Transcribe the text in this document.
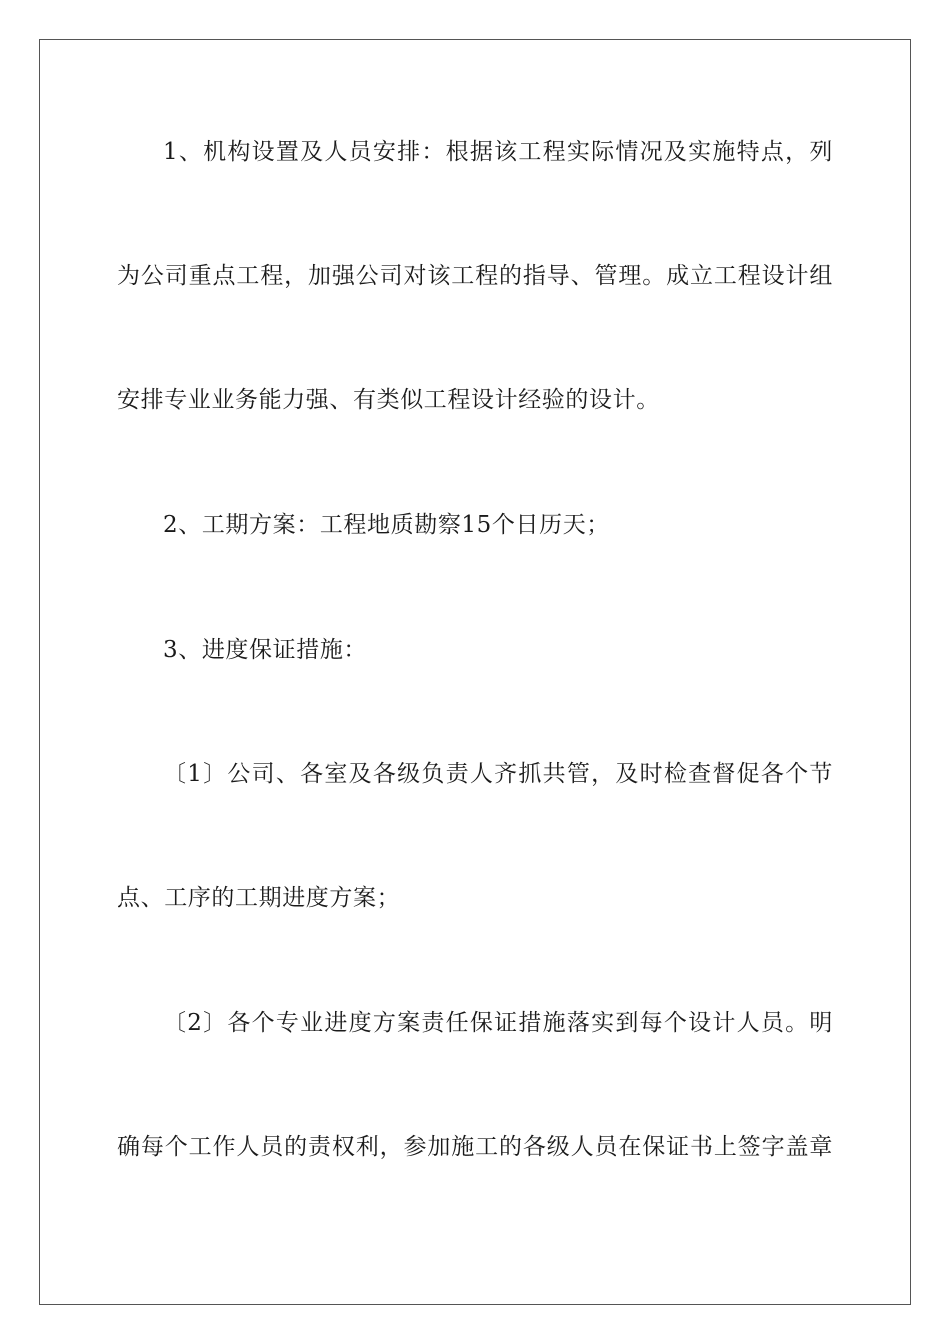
1、机构设置及人员安排：根据该工程实际情况及实施特点，列
为公司重点工程，加强公司对该工程的指导、管理。成立工程设计组
安排专业业务能力强、有类似工程设计经验的设计。
2、工期方案：工程地质勘察15个日历天；
3、进度保证措施：
〔1〕公司、各室及各级负责人齐抓共管，及时检查督促各个节
点、工序的工期进度方案；
〔2〕各个专业进度方案责任保证措施落实到每个设计人员。明
确每个工作人员的责权利，参加施工的各级人员在保证书上签字盖章
